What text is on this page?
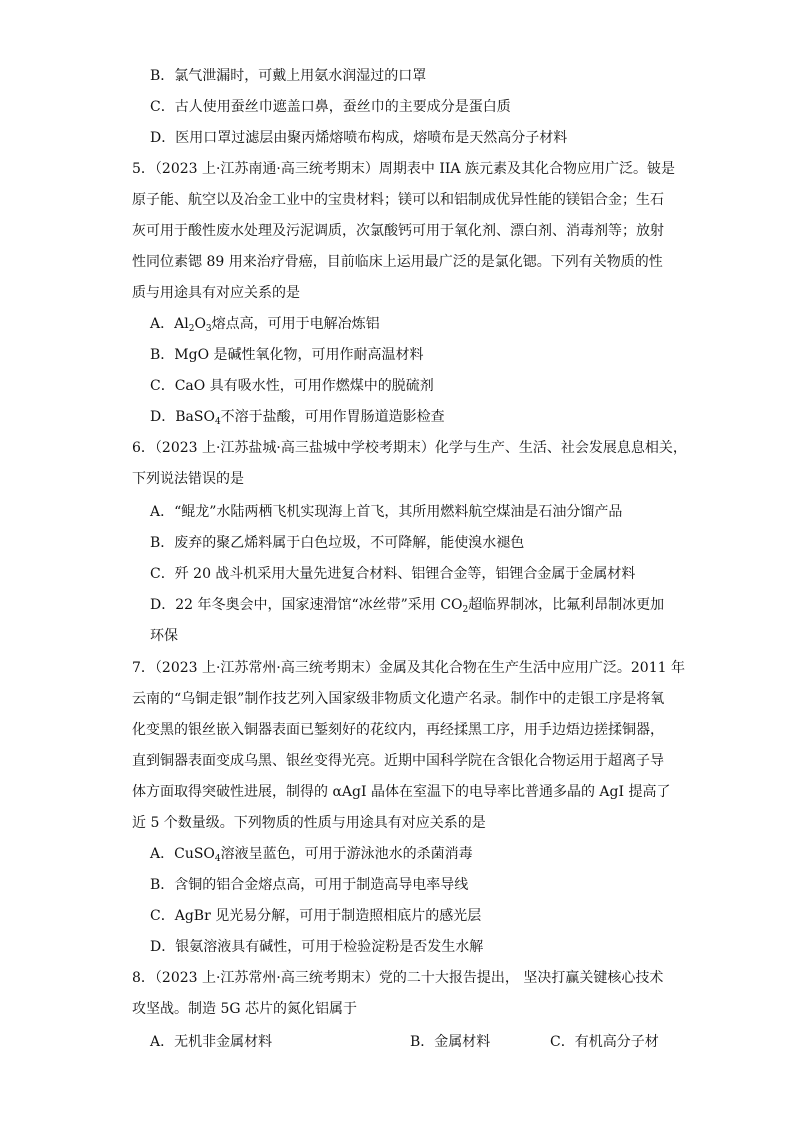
B．氯气泄漏时，可戴上用氨水润湿过的口罩
C．古人使用蚕丝巾遮盖口鼻，蚕丝巾的主要成分是蛋白质
D．医用口罩过滤层由聚丙烯熔喷布构成，熔喷布是天然高分子材料
5．（2023 上·江苏南通·高三统考期末）周期表中 IIA 族元素及其化合物应用广泛。铍是
原子能、航空以及冶金工业中的宝贵材料；镁可以和铝制成优异性能的镁铝合金；生石
灰可用于酸性废水处理及污泥调质，次氯酸钙可用于氧化剂、漂白剂、消毒剂等；放射
性同位素锶 89 用来治疗骨癌，目前临床上运用最广泛的是氯化锶。下列有关物质的性
质与用途具有对应关系的是
A．$Al_2O_3$熔点高，可用于电解冶炼铝
B．MgO 是碱性氧化物，可用作耐高温材料
C．CaO 具有吸水性，可用作燃煤中的脱硫剂
D．BaSO$_4$不溶于盐酸，可用作胃肠道造影检查
6．（2023 上·江苏盐城·高三盐城中学校考期末）化学与生产、生活、社会发展息息相关，
下列说法错误的是
A．“鲲龙”水陆两栖飞机实现海上首飞，其所用燃料航空煤油是石油分馏产品
B．废弃的聚乙烯料属于白色垃圾，不可降解，能使溴水褪色
C．歼 20 战斗机采用大量先进复合材料、铝锂合金等，铝锂合金属于金属材料
D．22 年冬奥会中，国家速滑馆“冰丝带”采用 $CO_2$超临界制冰，比氟利昂制冰更加
环保
7．（2023 上·江苏常州·高三统考期末）金属及其化合物在生产生活中应用广泛。2011 年
云南的“乌铜走银”制作技艺列入国家级非物质文化遗产名录。制作中的走银工序是将氧
化变黑的银丝嵌入铜器表面已錾刻好的花纹内，再经揉黑工序，用手边焐边搓揉铜器，
直到铜器表面变成乌黑、银丝变得光亮。近期中国科学院在含银化合物运用于超离子导
体方面取得突破性进展，制得的 αAgI 晶体在室温下的电导率比普通多晶的 AgI 提高了
近 5 个数量级。下列物质的性质与用途具有对应关系的是
A．CuSO$_4$溶液呈蓝色，可用于游泳池水的杀菌消毒
B．含铜的铝合金熔点高，可用于制造高导电率导线
C．AgBr 见光易分解，可用于制造照相底片的感光层
D．银氨溶液具有碱性，可用于检验淀粉是否发生水解
8．（2023 上·江苏常州·高三统考期末）党的二十大报告提出， 坚决打赢关键核心技术
攻坚战。制造 5G 芯片的氮化铝属于
A．无机非金属材料	B．金属材料	C．有机高分子材
